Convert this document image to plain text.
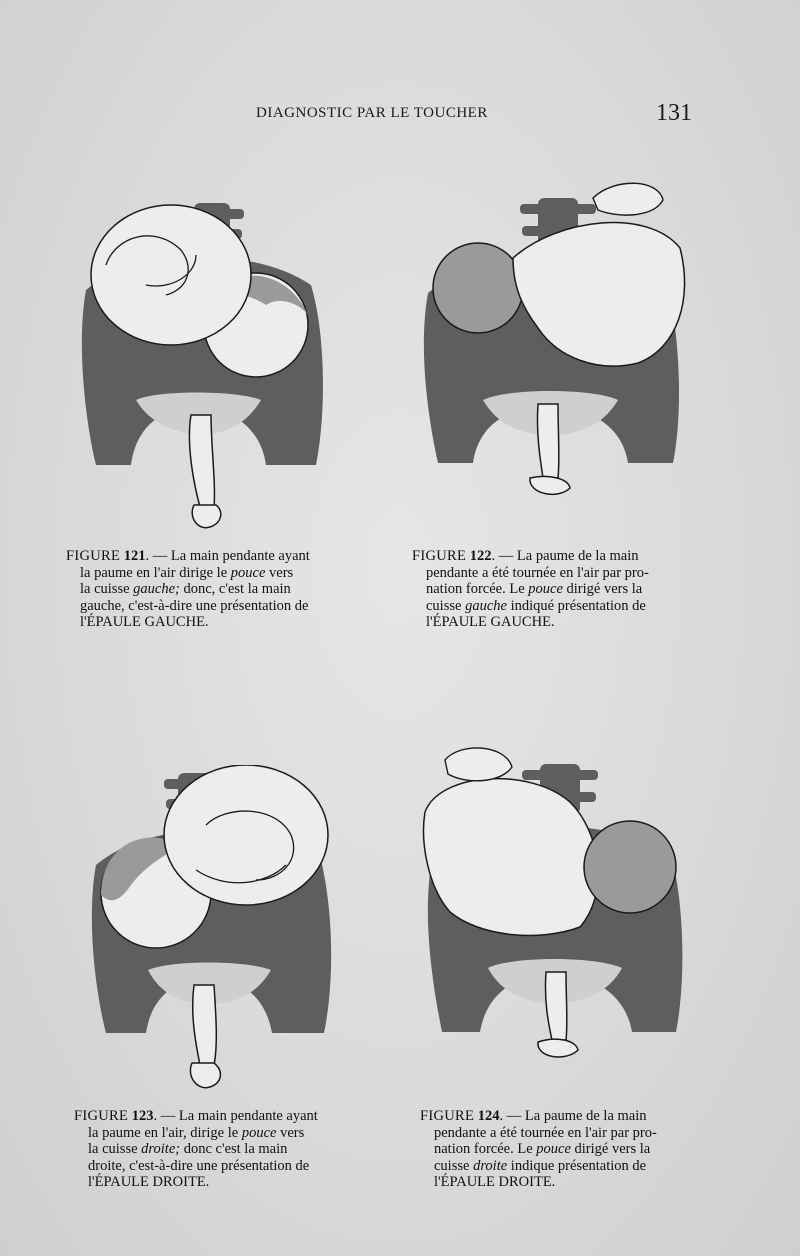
DIAGNOSTIC PAR LE TOUCHER	131

FIGURE 121. — La main pendante ayant

la paume en l'air dirige le pouce vers

la cuisse gauche; donc, c'est la main

gauche, c'est-à-dire une présentation de

l'ÉPAULE GAUCHE.

FIGURE 122. — La paume de la main

pendante a été tournée en l'air par pro-

nation forcée. Le pouce dirigé vers la

cuisse gauche indiqué présentation de

l'ÉPAULE GAUCHE.

FIGURE 123. — La main pendante ayant

la paume en l'air, dirige le pouce vers

la cuisse droite; donc c'est la main

droite, c'est-à-dire une présentation de

l'ÉPAULE DROITE.

FIGURE 124. — La paume de la main

pendante a été tournée en l'air par pro-

nation forcée. Le pouce dirigé vers la

cuisse droite indique présentation de

l'ÉPAULE DROITE.
